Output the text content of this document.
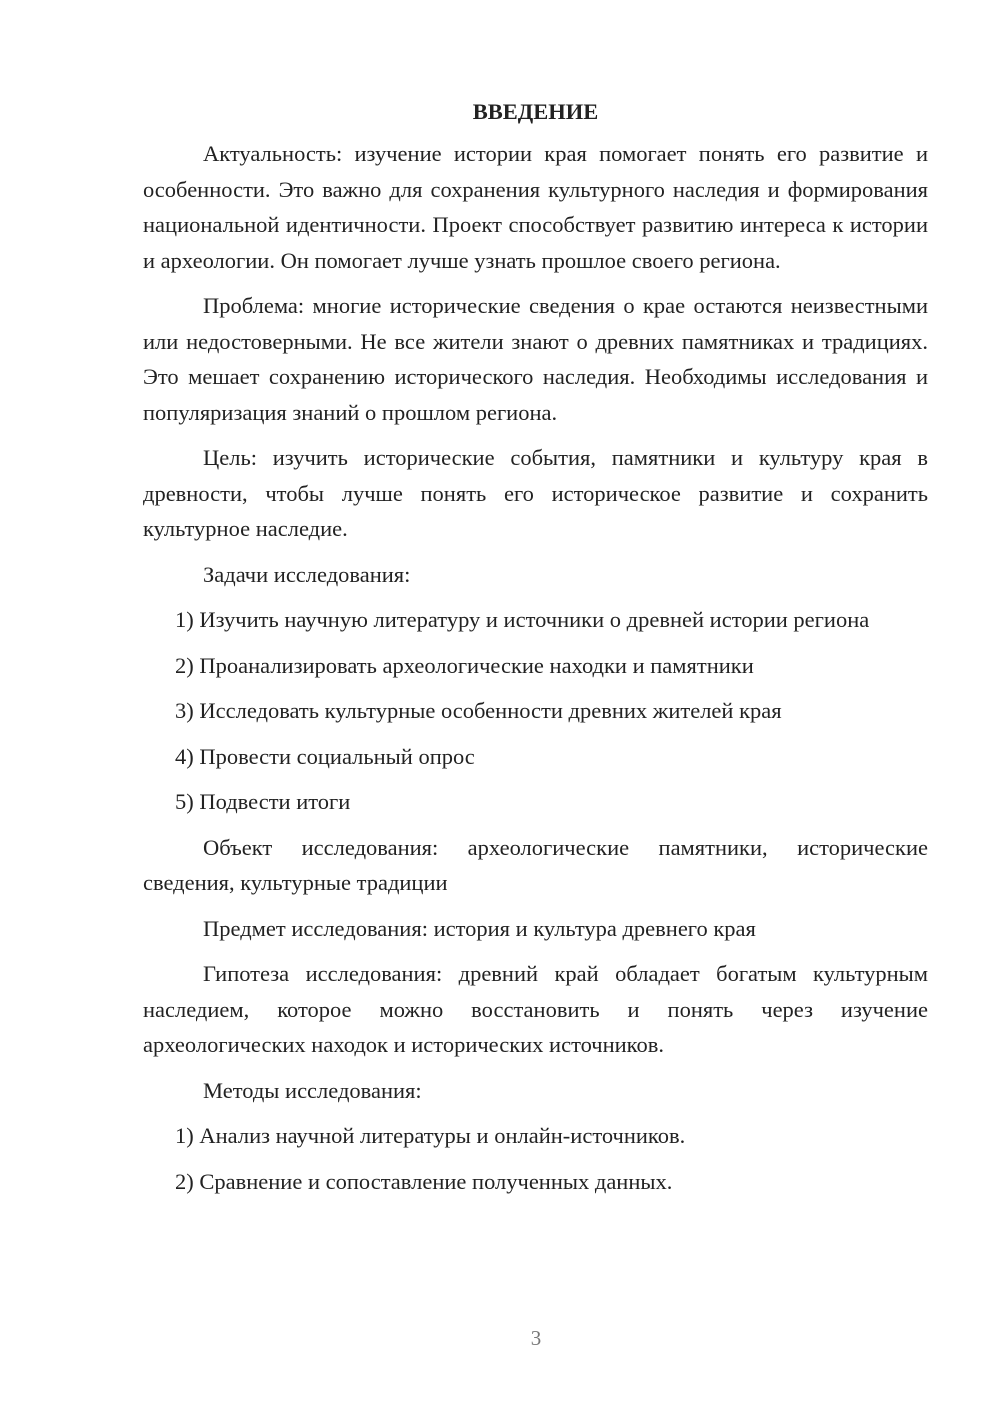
ВВЕДЕНИЕ

Актуальность: изучение истории края помогает понять его развитие и особенности. Это важно для сохранения культурного наследия и формирования национальной идентичности. Проект способствует развитию интереса к истории и археологии. Он помогает лучше узнать прошлое своего региона.

Проблема: многие исторические сведения о крае остаются неизвестными или недостоверными. Не все жители знают о древних памятниках и традициях. Это мешает сохранению исторического наследия. Необходимы исследования и популяризация знаний о прошлом региона.

Цель: изучить исторические события, памятники и культуру края в древности, чтобы лучше понять его историческое развитие и сохранить культурное наследие.

Задачи исследования:

1) Изучить научную литературу и источники о древней истории региона

2) Проанализировать археологические находки и памятники
3) Исследовать культурные особенности древних жителей края
4) Провести социальный опрос
5) Подвести итоги

Объект исследования: археологические памятники, исторические сведения, культурные традиции

Предмет исследования: история и культура древнего края

Гипотеза исследования: древний край обладает богатым культурным наследием, которое можно восстановить и понять через изучение археологических находок и исторических источников.

Методы исследования:
1) Анализ научной литературы и онлайн-источников.
2) Сравнение и сопоставление полученных данных.
3
